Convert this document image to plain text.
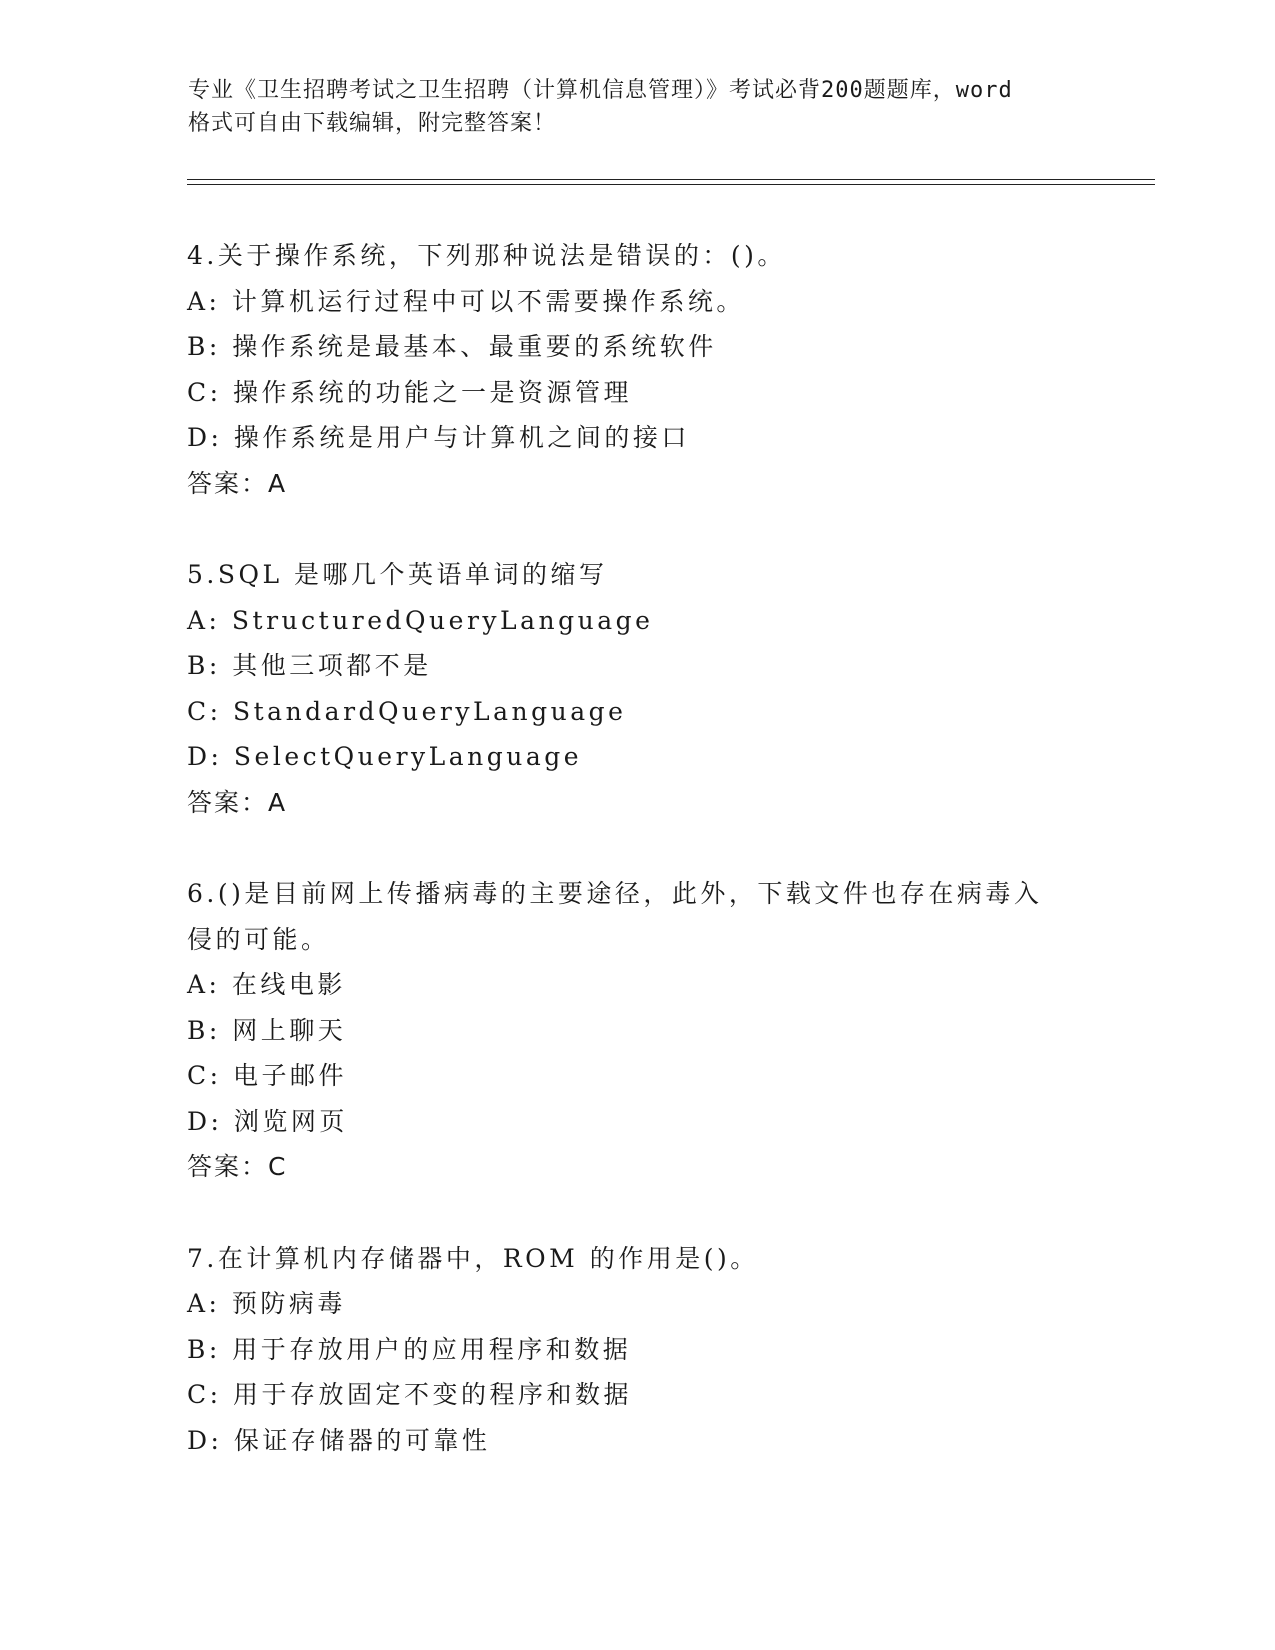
专业《卫生招聘考试之卫生招聘（计算机信息管理）》考试必背200题题库，word
格式可自由下载编辑，附完整答案！
4.关于操作系统，下列那种说法是错误的：()。
A: 计算机运行过程中可以不需要操作系统。
B: 操作系统是最基本、最重要的系统软件
C: 操作系统的功能之一是资源管理
D: 操作系统是用户与计算机之间的接口
答案：A
5.SQL 是哪几个英语单词的缩写
A: StructuredQueryLanguage
B: 其他三项都不是
C: StandardQueryLanguage
D: SelectQueryLanguage
答案：A
6.()是目前网上传播病毒的主要途径，此外，下载文件也存在病毒入
侵的可能。
A: 在线电影
B: 网上聊天
C: 电子邮件
D: 浏览网页
答案：C
7.在计算机内存储器中，ROM 的作用是()。
A: 预防病毒
B: 用于存放用户的应用程序和数据
C: 用于存放固定不变的程序和数据
D: 保证存储器的可靠性
